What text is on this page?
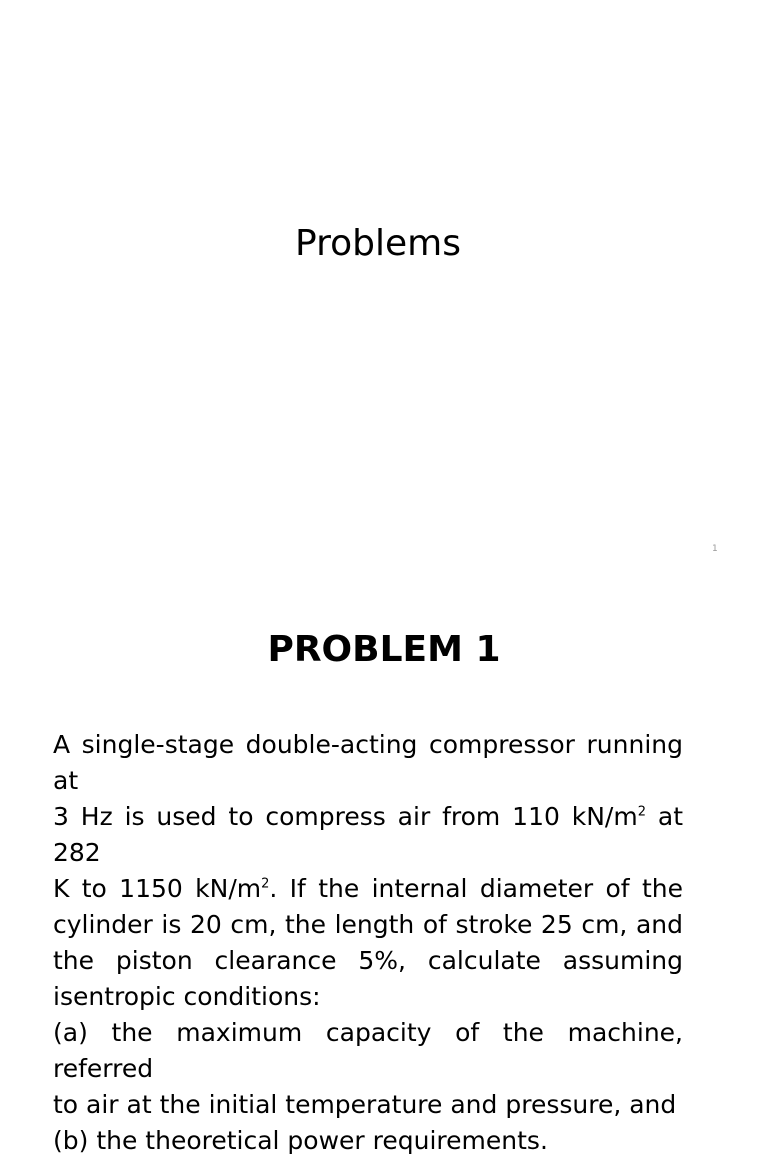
Problems
1
PROBLEM 1
A single-stage double-acting compressor running at
3 Hz is used to compress air from 110 $kN/m^2$ at 282
K to 1150 $kN/m^2$. If the internal diameter of the
cylinder is 20 cm, the length of stroke 25 cm, and
the piston clearance 5%, calculate assuming
isentropic conditions:
(a) the maximum capacity of the machine, referred
to air at the initial temperature and pressure, and
(b) the theoretical power requirements.
